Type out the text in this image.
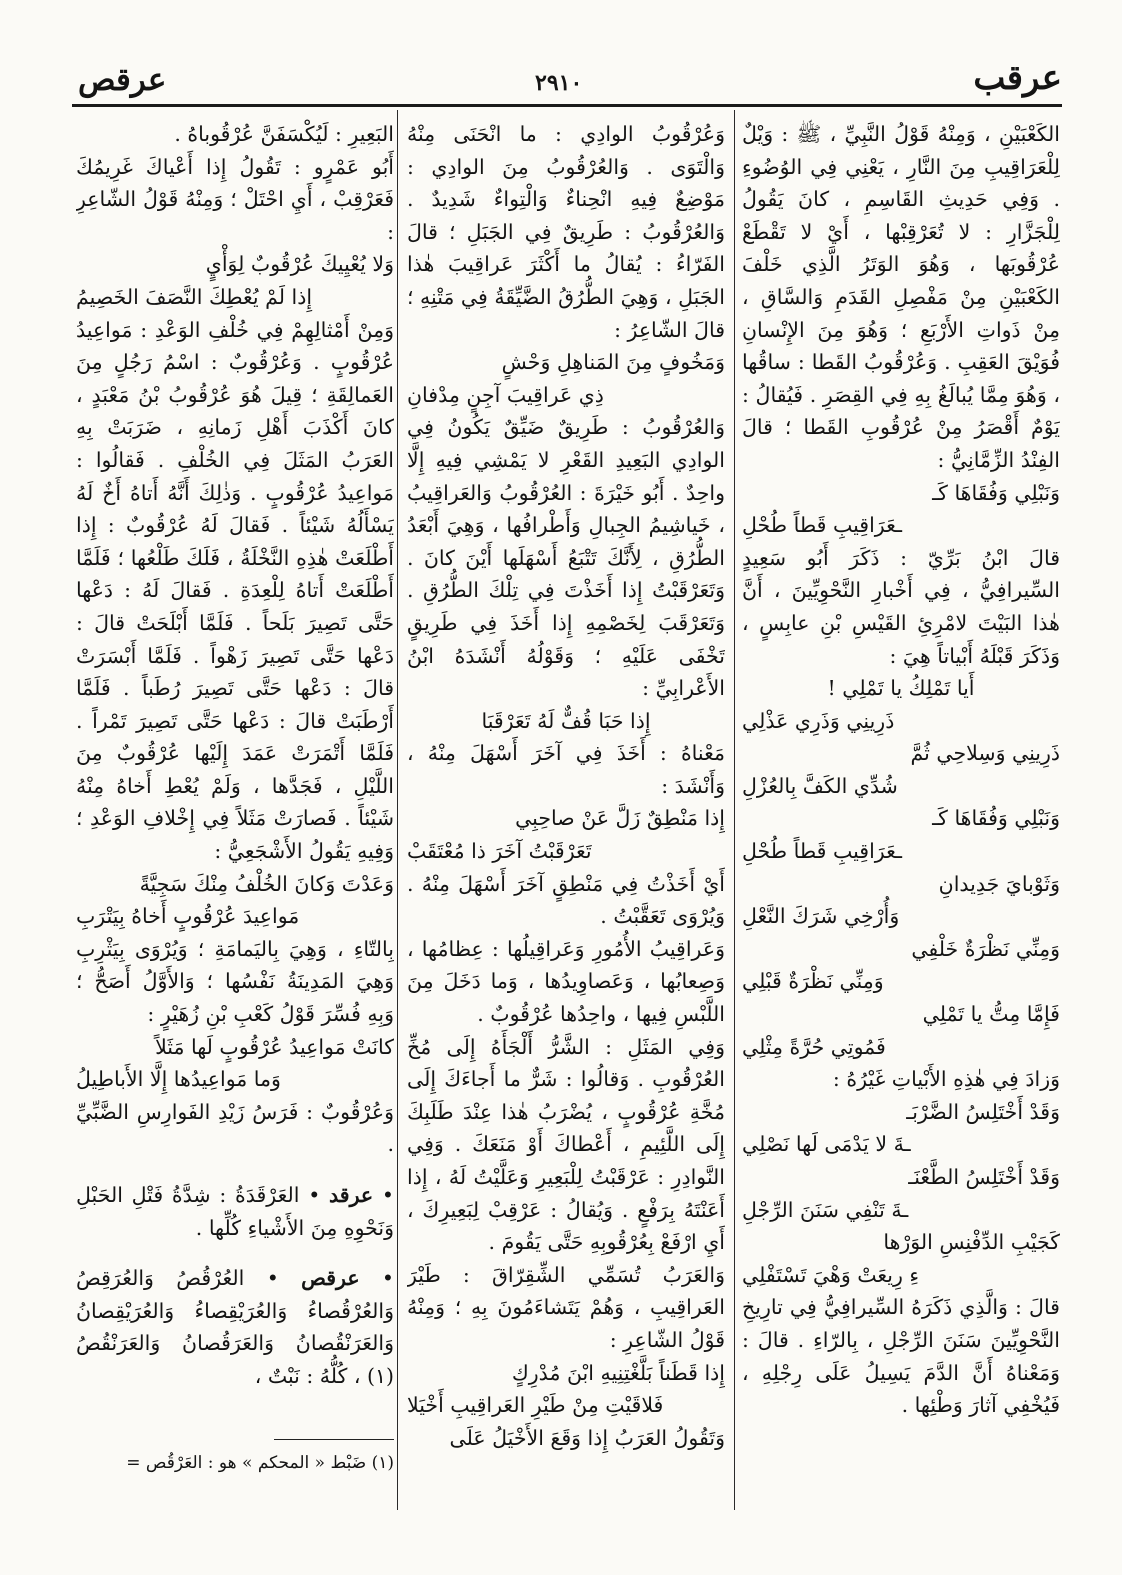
عرقب
٢٩١٠
عرقص

الكَعْبَيْنِ ، وَمِنْهُ قَوْلُ النَّبِيِّ ، ﷺ : وَيْلٌ لِلْعَرَاقِيبِ مِنَ النَّارِ ، يَعْنِي فِي الوُضُوءِ . وَفِي حَدِيثِ القَاسِمِ ، كانَ يَقُولُ لِلْجَزَّارِ : لا تُعَرْقِبْها ، أَيْ لا تَقْطَعْ عُرْقُوبَها ، وَهُوَ الوَتَرُ الَّذِي خَلْفَ الكَعْبَيْنِ مِنْ مَفْصِلِ القَدَمِ وَالسَّاقِ ، مِنْ ذَواتِ الأَرْبَعِ ؛ وَهُوَ مِنَ الإِنْسانِ فُوَيْقَ العَقِبِ . وَعُرْقُوبُ القَطا : ساقُها ، وَهُوَ مِمَّا يُبالَغُ بِهِ فِي القِصَرِ . فَيُقالُ : يَوْمٌ أَقْصَرُ مِنْ عُرْقُوبِ القَطا ؛ قالَ الفِنْدُ الزِّمَّانِيُّ :

وَنَبْلِي وَفُقَاهَا كَـ

ـعَرَاقِيبِ قَطاً طُحْلِ

قالَ ابْنُ بَرِّيّ : ذَكَرَ أَبُو سَعِيدٍ السِّيرافِيُّ ، فِي أَخْبارِ النَّحْوِيِّينَ ، أَنَّ هٰذا البَيْتَ لامْرِئِ القَيْسِ بْنِ عابِسٍ ، وَذَكَرَ قَبْلَهُ أَبْياتاً هِيَ :

أَيا تَمْلِكُ يا تَمْلِي !

ذَرِينِي وَذَرِي عَذْلِي

ذَرِينِي وَسِلاحِي ثُمَّ

شُدِّي الكَفَّ بِالعُزْلِ

وَنَبْلِي وَفُقَاهَا كَـ

ـعَرَاقِيبِ قَطاً طُحْلِ

وَثَوْبايَ جَدِيدانِ

وَأُرْخِي شَرَكَ النَّعْلِ

وَمِنِّي نَظْرَةٌ خَلْفِي

وَمِنِّي نَظْرَةٌ قَبْلِي

فَإِمَّا مِتُّ يا تَمْلِي

فَمُوتِي حُرَّةً مِثْلِي

وَزادَ فِي هٰذِهِ الأَبْياتِ غَيْرُهُ :

وَقَدْ أَخْتَلِسُ الضَّرْبَـ

ـةَ لا يَدْمَى لَها نَصْلِي

وَقَدْ أَخْتَلِسُ الطَّعْنَـ

ـةَ تَنْفِي سَنَنَ الرِّجْلِ

كَجَيْبِ الدِّفْنِسِ الوَرْها

ءِ رِيعَتْ وَهْيَ تَسْتَفْلِي

قالَ : وَالَّذِي ذَكَرَهُ السِّيرافِيُّ فِي تارِيخِ النَّحْوِيِّينَ سَنَنَ الرِّجْلِ ، بِالرّاءِ . قالَ : وَمَعْناهُ أَنَّ الدَّمَ يَسِيلُ عَلَى رِجْلِهِ ، فَيُخْفِي آثارَ وَطْئِها .

وَعُرْقُوبُ الوادِي : ما انْحَنَى مِنْهُ وَالْتَوَى . وَالعُرْقُوبُ مِنَ الوادِي : مَوْضِعٌ فِيهِ انْحِناءٌ وَالْتِواءٌ شَدِيدٌ . وَالعُرْقُوبُ : طَرِيقٌ فِي الجَبَلِ ؛ قالَ الفَرّاءُ : يُقالُ ما أَكْثَرَ عَراقِيبَ هٰذا الجَبَلِ ، وَهِيَ الطُّرُقُ الضَّيِّقَةُ فِي مَتْنِهِ ؛ قالَ الشّاعِرُ :

وَمَخُوفٍ مِنَ المَناهِلِ وَحْشٍ

ذِي عَراقِيبَ آجِنٍ مِدْفانِ

وَالعُرْقُوبُ : طَرِيقٌ ضَيِّقٌ يَكُونُ فِي الوادِي البَعِيدِ القَعْرِ لا يَمْشِي فِيهِ إِلَّا واحِدٌ . أَبُو خَيْرَةَ : العُرْقُوبُ وَالعَراقِيبُ ، خَياشِيمُ الجِبالِ وَأَطْرافُها ، وَهِيَ أَبْعَدُ الطُّرُقِ ، لِأَنَّكَ تَتْبَعُ أَسْهَلَها أَيْنَ كانَ . وَتَعَرْقَبْتُ إِذا أَخَذْتَ فِي تِلْكَ الطُّرُقِ . وَتَعَرْقَبَ لِخَصْمِهِ إِذا أَخَذَ فِي طَرِيقٍ تَخْفَى عَلَيْهِ ؛ وَقَوْلُهُ أَنْشَدَهُ ابْنُ الأَعْرابِيِّ :

إِذا حَبَا قُفٌّ لَهُ تَعَرْقَبَا

مَعْناهُ : أَخَذَ فِي آخَرَ أَسْهَلَ مِنْهُ ، وَأَنْشَدَ :

إِذا مَنْطِقٌ زَلَّ عَنْ صاحِبِي

تَعَرْقَبْتُ آخَرَ ذا مُعْتَقَبْ

أَيْ أَخَذْتُ فِي مَنْطِقٍ آخَرَ أَسْهَلَ مِنْهُ . وَيُرْوَى تَعَقَّبْتُ .

وَعَراقِيبُ الأُمُورِ وَعَراقِيلُها : عِظامُها ، وَصِعابُها ، وَعَصاوِيدُها ، وَما دَخَلَ مِنَ اللَّبْسِ فِيها ، واحِدُها عُرْقُوبٌ .

وَفِي المَثَلِ : الشَّرُّ أَلْجَأَهُ إِلَى مُخِّ العُرْقُوبِ . وَقالُوا : شَرٌّ ما أَجاءَكَ إِلَى مُخَّةِ عُرْقُوبٍ ، يُضْرَبُ هٰذا عِنْدَ طَلَبِكَ إِلَى اللَّئِيمِ ، أَعْطاكَ أَوْ مَنَعَكَ . وَفِي النَّوادِرِ : عَرْقَبْتُ لِلْبَعِيرِ وَعَلَّيْتُ لَهُ ، إِذا أَعَنْتَهُ بِرَفْعٍ . وَيُقالُ : عَرْقِبْ لِبَعِيرِكَ ، أَيِ ارْفَعْ بِعُرْقُوبِهِ حَتَّى يَقُومَ .

وَالعَرَبُ تُسَمِّي الشِّقِرّاقَ : طَيْرَ العَراقِيبِ ، وَهُمْ يَتَشاءَمُونَ بِهِ ؛ وَمِنْهُ قَوْلُ الشّاعِرِ :

إِذا قَطَناً بَلَّغْتِنِيهِ ابْنَ مُدْرِكٍ

فَلاقَيْتِ مِنْ طَيْرِ العَراقِيبِ أَخْيَلا

وَتَقُولُ العَرَبُ إِذا وَقَعَ الأَخْيَلُ عَلَى

البَعِيرِ : لَيُكْسَفَنَّ عُرْقُوباهُ .

أَبُو عَمْرٍو : تَقُولُ إِذا أَعْياكَ غَرِيمُكَ فَعَرْقِبْ ، أَيِ احْتَلْ ؛ وَمِنْهُ قَوْلُ الشّاعِرِ :

وَلا يُعْيِيكَ عُرْقُوبٌ لِوَأْيٍ

إِذا لَمْ يُعْطِكَ النَّصَفَ الخَصِيمُ

وَمِنْ أَمْثالِهِمْ فِي خُلْفِ الوَعْدِ : مَواعِيدُ عُرْقُوبٍ . وَعُرْقُوبٌ : اسْمُ رَجُلٍ مِنَ العَمالِقَةِ ؛ قِيلَ هُوَ عُرْقُوبُ بْنُ مَعْبَدٍ ، كانَ أَكْذَبَ أَهْلِ زَمانِهِ ، ضَرَبَتْ بِهِ العَرَبُ المَثَلَ فِي الخُلْفِ . فَقالُوا : مَواعِيدُ عُرْقُوبٍ . وَذٰلِكَ أَنَّهُ أَتاهُ أَخٌ لَهُ يَسْأَلُهُ شَيْئاً . فَقالَ لَهُ عُرْقُوبٌ : إِذا أَطْلَعَتْ هٰذِهِ النَّخْلَةُ ، فَلَكَ طَلْعُها ؛ فَلَمَّا أَطْلَعَتْ أَتاهُ لِلْعِدَةِ . فَقالَ لَهُ : دَعْها حَتَّى تَصِيرَ بَلَحاً . فَلَمَّا أَبْلَحَتْ قالَ : دَعْها حَتَّى تَصِيرَ زَهْواً . فَلَمَّا أَبْسَرَتْ قالَ : دَعْها حَتَّى تَصِيرَ رُطَباً . فَلَمَّا أَرْطَبَتْ قالَ : دَعْها حَتَّى تَصِيرَ تَمْراً . فَلَمَّا أَتْمَرَتْ عَمَدَ إِلَيْها عُرْقُوبٌ مِنَ اللَّيْلِ ، فَجَدَّها ، وَلَمْ يُعْطِ أَخاهُ مِنْهُ شَيْئاً . فَصارَتْ مَثَلاً فِي إِخْلافِ الوَعْدِ ؛ وَفِيهِ يَقُولُ الأَشْجَعِيُّ :

وَعَدْتَ وَكانَ الخُلْفُ مِنْكَ سَجِيَّةً

مَواعِيدَ عُرْقُوبٍ أَخاهُ بِيَتْرَبِ

بِالتّاءِ ، وَهِيَ بِاليَمامَةِ ؛ وَيُرْوَى بِيَثْرِبِ وَهِيَ المَدِينَةُ نَفْسُها ؛ وَالأَوَّلُ أَصَحُّ ؛ وَبِهِ فُسِّرَ قَوْلُ كَعْبِ بْنِ زُهَيْرٍ :

كانَتْ مَواعِيدُ عُرْقُوبٍ لَها مَثَلاً

وَما مَواعِيدُها إِلَّا الأَباطِيلُ

وَعُرْقُوبٌ : فَرَسُ زَيْدِ الفَوارِسِ الضَّبِّيِّ .

• عرقد • العَرْقَدَةُ : شِدَّةُ فَتْلِ الحَبْلِ وَنَحْوِهِ مِنَ الأَشْياءِ كُلِّها .

• عرقص • العُرْقُصُ وَالعُرَقِصُ وَالعُرْقُصاءُ وَالعُرَيْقِصاءُ وَالعُرَيْقِصانُ وَالعَرَنْقُصانُ وَالعَرَقُصانُ وَالعَرَنْقُصُ (١) ، كُلُّهُ : نَبْتٌ ،

(١) ضَبْط « المحكم » هو : العَرْقُص =
